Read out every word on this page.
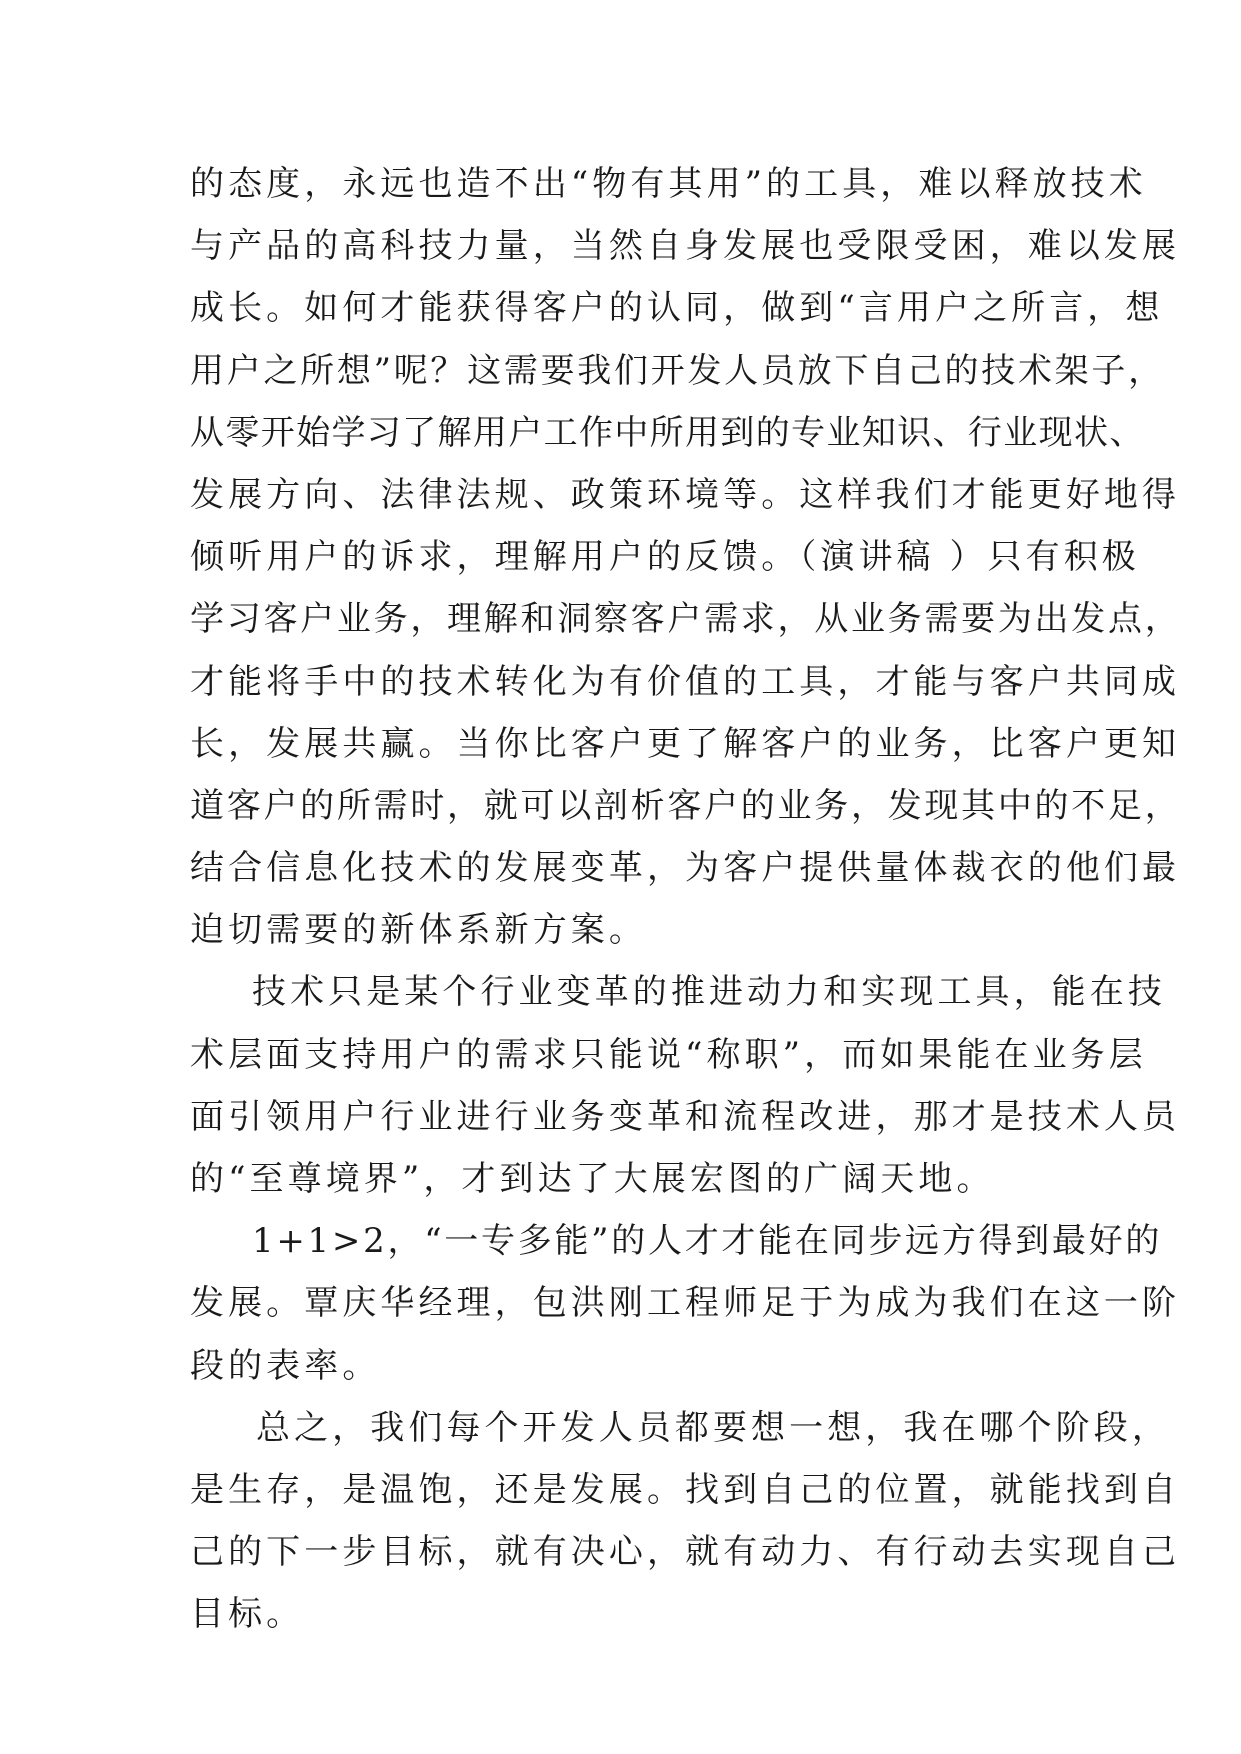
的态度，永远也造不出“物有其用”的工具，难以释放技术
与产品的高科技力量，当然自身发展也受限受困，难以发展
成长。如何才能获得客户的认同，做到“言用户之所言，想
用户之所想”呢？这需要我们开发人员放下自己的技术架子，
从零开始学习了解用户工作中所用到的专业知识、行业现状、
发展方向、法律法规、政策环境等。这样我们才能更好地得
倾听用户的诉求，理解用户的反馈。（演讲稿 ）只有积极
学习客户业务，理解和洞察客户需求，从业务需要为出发点，
才能将手中的技术转化为有价值的工具，才能与客户共同成
长，发展共赢。当你比客户更了解客户的业务，比客户更知
道客户的所需时，就可以剖析客户的业务，发现其中的不足，
结合信息化技术的发展变革，为客户提供量体裁衣的他们最
迫切需要的新体系新方案。
技术只是某个行业变革的推进动力和实现工具，能在技
术层面支持用户的需求只能说“称职”，而如果能在业务层
面引领用户行业进行业务变革和流程改进，那才是技术人员
的“至尊境界”，才到达了大展宏图的广阔天地。
1+1>2，“一专多能”的人才才能在同步远方得到最好的
发展。覃庆华经理，包洪刚工程师足于为成为我们在这一阶
段的表率。
总之，我们每个开发人员都要想一想，我在哪个阶段，
是生存，是温饱，还是发展。找到自己的位置，就能找到自
己的下一步目标，就有决心，就有动力、有行动去实现自己
目标。
